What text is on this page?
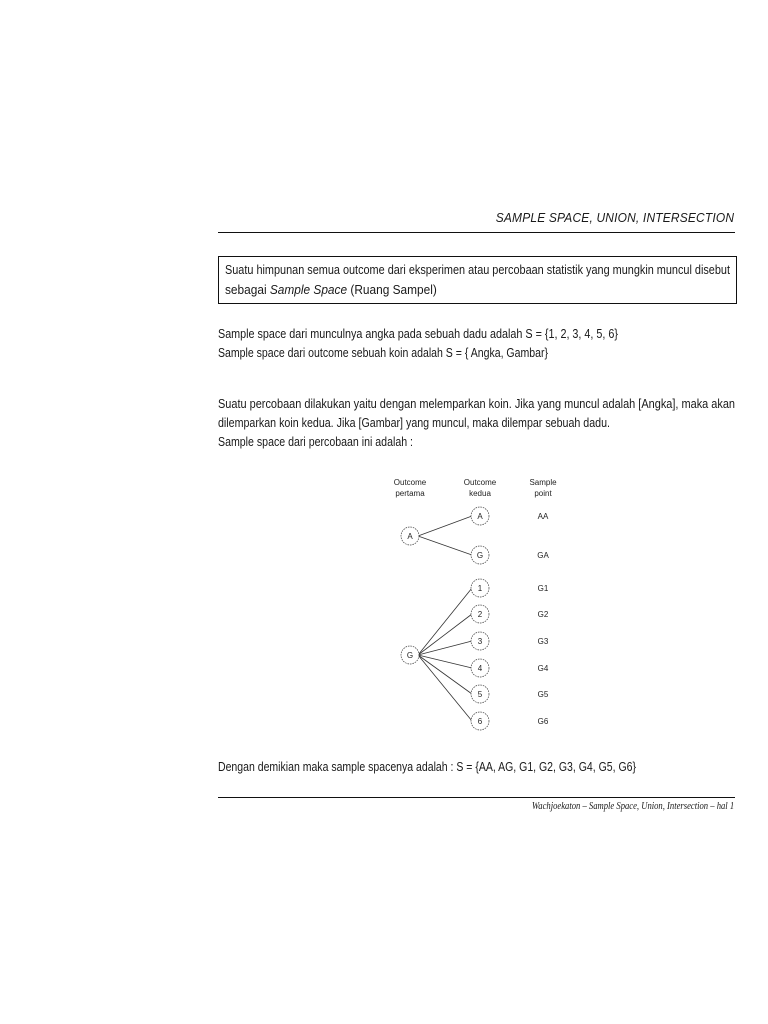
SAMPLE SPACE, UNION, INTERSECTION
Suatu himpunan semua outcome dari eksperimen atau percobaan statistik yang mungkin muncul disebut
sebagai Sample Space (Ruang Sampel)
Sample space dari munculnya angka pada sebuah dadu adalah S = {1, 2, 3, 4, 5, 6}
Sample space dari outcome sebuah koin adalah S = { Angka, Gambar}
Suatu percobaan dilakukan yaitu dengan melemparkan koin. Jika yang muncul adalah [Angka], maka akan
dilemparkan koin kedua. Jika [Gambar] yang muncul, maka dilempar sebuah dadu.
Sample space dari percobaan ini adalah :
Outcome
pertama
Outcome
kedua
Sample
point
A	AA
G	GA
A
1	G1
2	G2
3	G3
4	G4
5	G5
6	G6
G
Dengan demikian maka sample spacenya adalah : S = {AA, AG, G1, G2, G3, G4, G5, G6}
Wachjoekaton – Sample Space, Union, Intersection – hal 1
